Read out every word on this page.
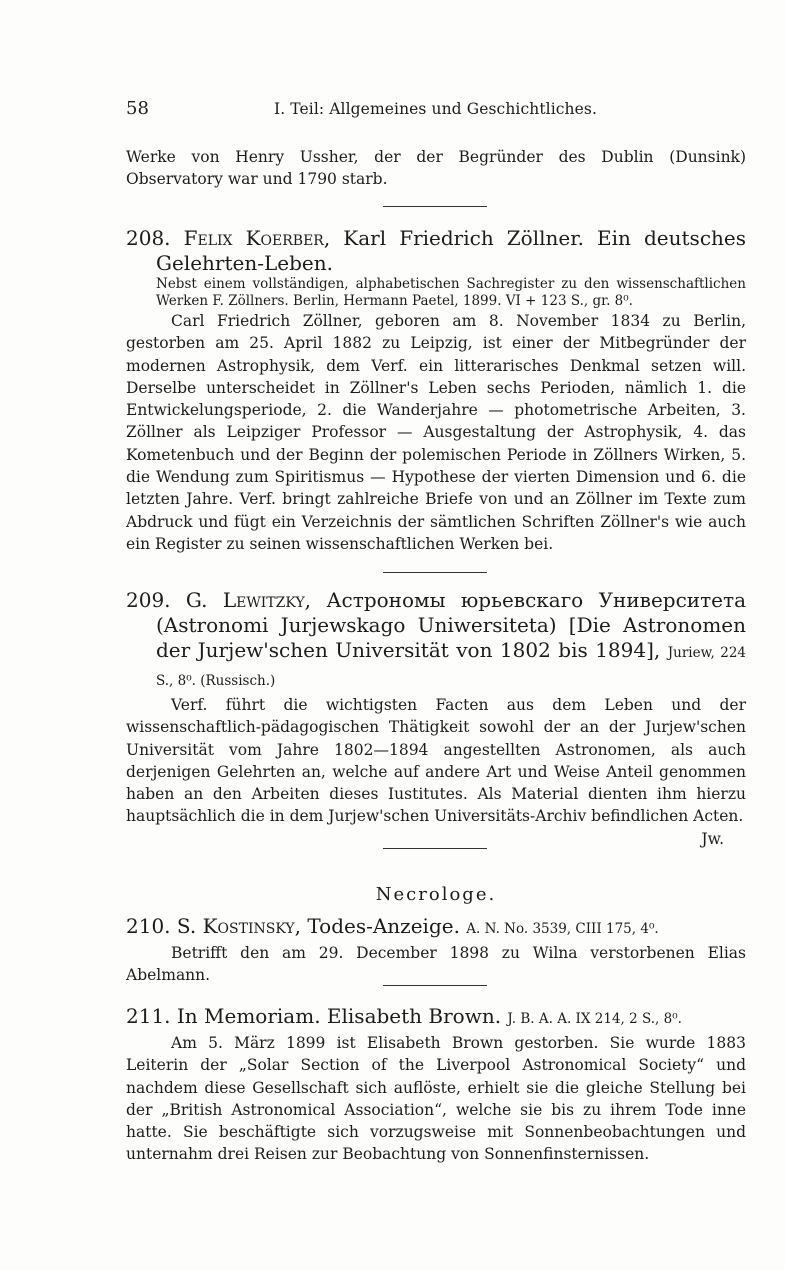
58	I. Teil: Allgemeines und Geschichtliches.
Werke von Henry Ussher, der der Begründer des Dublin (Dunsink) Observatory war und 1790 starb.
208. Felix Koerber, Karl Friedrich Zöllner. Ein deutsches Gelehrten-Leben.
Nebst einem vollständigen, alphabetischen Sachregister zu den wissenschaftlichen Werken F. Zöllners. Berlin, Hermann Paetel, 1899. VI + 123 S., gr. 8⁰.
Carl Friedrich Zöllner, geboren am 8. November 1834 zu Berlin, gestorben am 25. April 1882 zu Leipzig, ist einer der Mitbegründer der modernen Astrophysik, dem Verf. ein litterarisches Denkmal setzen will. Derselbe unterscheidet in Zöllner's Leben sechs Perioden, nämlich 1. die Entwickelungsperiode, 2. die Wanderjahre — photometrische Arbeiten, 3. Zöllner als Leipziger Professor — Ausgestaltung der Astrophysik, 4. das Kometenbuch und der Beginn der polemischen Periode in Zöllners Wirken, 5. die Wendung zum Spiritismus — Hypothese der vierten Dimension und 6. die letzten Jahre. Verf. bringt zahlreiche Briefe von und an Zöllner im Texte zum Abdruck und fügt ein Verzeichnis der sämtlichen Schriften Zöllner's wie auch ein Register zu seinen wissenschaftlichen Werken bei.
209. G. Lewitzky, Астрономы юрьевскаго Университета (Astronomi Jurjewskago Uniwersiteta) [Die Astronomen der Jurjew'schen Universität von 1802 bis 1894], Juriew, 224 S., 8⁰. (Russisch.)
Verf. führt die wichtigsten Facten aus dem Leben und der wissenschaftlich-pädagogischen Thätigkeit sowohl der an der Jurjew'schen Universität vom Jahre 1802—1894 angestellten Astronomen, als auch derjenigen Gelehrten an, welche auf andere Art und Weise Anteil genommen haben an den Arbeiten dieses Iustitutes. Als Material dienten ihm hierzu hauptsächlich die in dem Jurjew'schen Universitäts-Archiv befindlichen Acten.
Jw.
Necrologe.
210. S. Kostinsky, Todes-Anzeige. A. N. No. 3539, CIII 175, 4⁰.
Betrifft den am 29. December 1898 zu Wilna verstorbenen Elias Abelmann.
211. In Memoriam. Elisabeth Brown. J. B. A. A. IX 214, 2 S., 8⁰.
Am 5. März 1899 ist Elisabeth Brown gestorben. Sie wurde 1883 Leiterin der „Solar Section of the Liverpool Astronomical Society“ und nachdem diese Gesellschaft sich auflöste, erhielt sie die gleiche Stellung bei der „British Astronomical Association“, welche sie bis zu ihrem Tode inne hatte. Sie beschäftigte sich vorzugsweise mit Sonnenbeobachtungen und unternahm drei Reisen zur Beobachtung von Sonnenfinsternissen.
